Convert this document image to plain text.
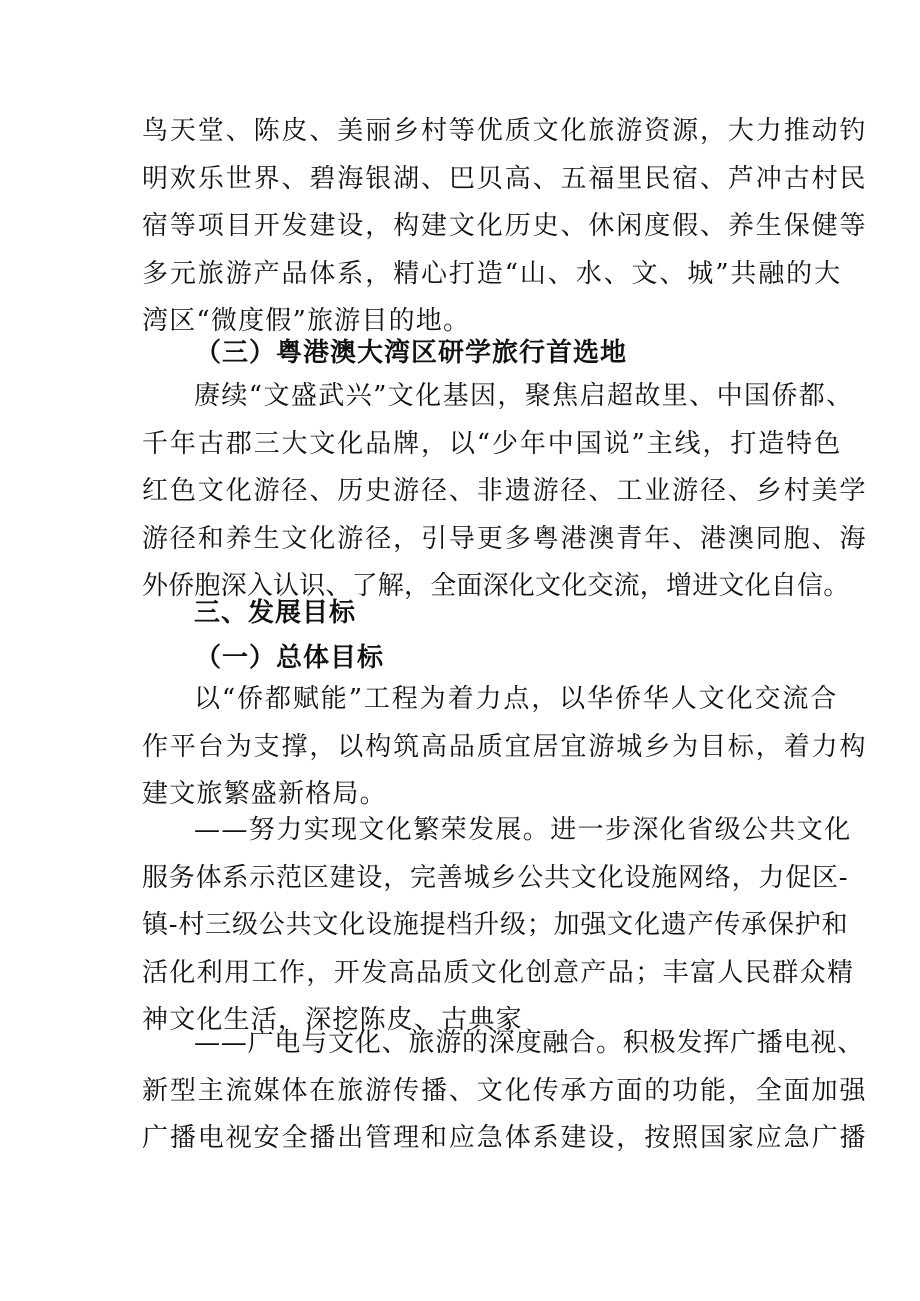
鸟天堂、陈皮、美丽乡村等优质文化旅游资源，大力推动钓
明欢乐世界、碧海银湖、巴贝高、五福里民宿、芦冲古村民
宿等项目开发建设，构建文化历史、休闲度假、养生保健等
多元旅游产品体系，精心打造“山、水、文、城”共融的大
湾区“微度假”旅游目的地。
（三）粤港澳大湾区研学旅行首选地
赓续“文盛武兴”文化基因，聚焦启超故里、中国侨都、
千年古郡三大文化品牌，以“少年中国说”主线，打造特色
红色文化游径、历史游径、非遗游径、工业游径、乡村美学
游径和养生文化游径，引导更多粤港澳青年、港澳同胞、海
外侨胞深入认识、了解，全面深化文化交流，增进文化自信。
三、发展目标
（一）总体目标
以“侨都赋能”工程为着力点，以华侨华人文化交流合
作平台为支撑，以构筑高品质宜居宜游城乡为目标，着力构
建文旅繁盛新格局。
——努力实现文化繁荣发展。进一步深化省级公共文化
服务体系示范区建设，完善城乡公共文化设施网络，力促区-
镇-村三级公共文化设施提档升级；加强文化遗产传承保护和
活化利用工作，开发高品质文化创意产品；丰富人民群众精
神文化生活，深挖陈皮、古典家
——广电与文化、旅游的深度融合。积极发挥广播电视、
新型主流媒体在旅游传播、文化传承方面的功能，全面加强
广播电视安全播出管理和应急体系建设，按照国家应急广播
